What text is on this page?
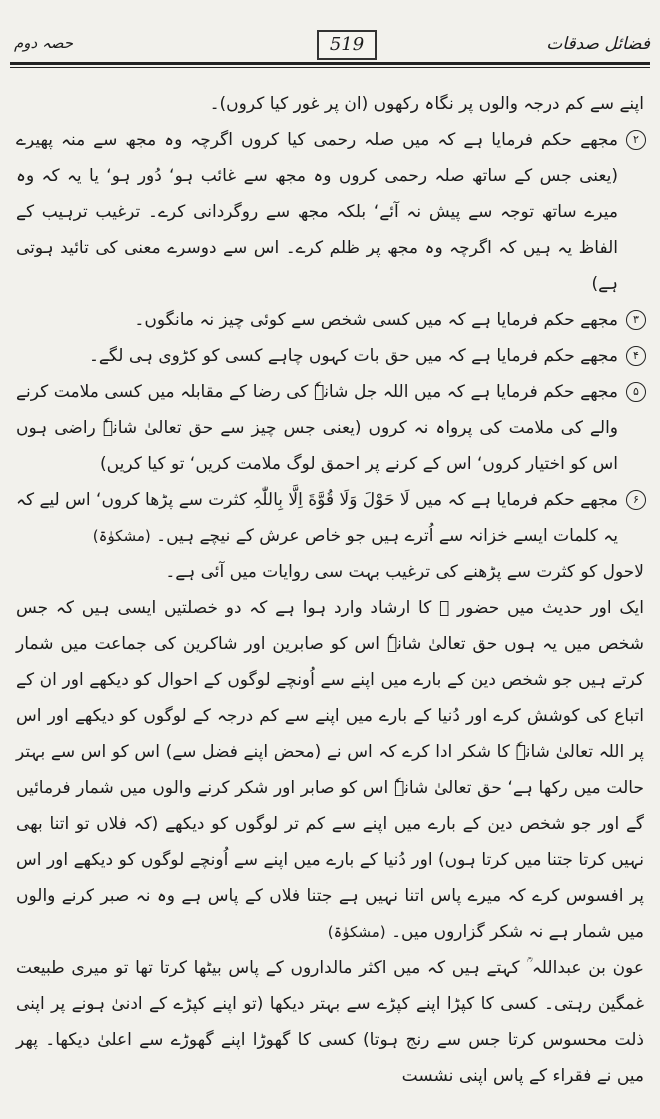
حصہ دوم	519	فضائل صدقات

اپنے سے کم درجہ والوں پر نگاہ رکھوں (ان پر غور کیا کروں)۔

۲
مجھے حکم فرمایا ہے کہ میں صلہ رحمی کیا کروں اگرچہ وہ مجھ سے منہ پھیرے (یعنی جس کے ساتھ صلہ رحمی کروں وہ مجھ سے غائب ہو‘ دُور ہو‘ یا یہ کہ وہ میرے ساتھ توجہ سے پیش نہ آئے‘ بلکہ مجھ سے روگردانی کرے۔ ترغیب ترہیب کے الفاظ یہ ہیں کہ اگرچہ وہ مجھ پر ظلم کرے۔ اس سے دوسرے معنی کی تائید ہوتی ہے)

۳
مجھے حکم فرمایا ہے کہ میں کسی شخص سے کوئی چیز نہ مانگوں۔

۴
مجھے حکم فرمایا ہے کہ میں حق بات کہوں چاہے کسی کو کڑوی ہی لگے۔

۵
مجھے حکم فرمایا ہے کہ میں اللہ جل شانہٗ کی رضا کے مقابلہ میں کسی ملامت کرنے والے کی ملامت کی پرواہ نہ کروں (یعنی جس چیز سے حق تعالیٰ شانہٗ راضی ہوں اس کو اختیار کروں‘ اس کے کرنے پر احمق لوگ ملامت کریں‘ تو کیا کریں)

۶
مجھے حکم فرمایا ہے کہ میں لَا حَوْلَ وَلَا قُوَّةَ اِلَّا بِاللّٰہِ کثرت سے پڑھا کروں‘ اس لیے کہ یہ کلمات ایسے خزانہ سے اُترے ہیں جو خاص عرش کے نیچے ہیں۔ (مشکوٰۃ)

لاحول کو کثرت سے پڑھنے کی ترغیب بہت سی روایات میں آئی ہے۔

ایک اور حدیث میں حضور ﷺ کا ارشاد وارد ہوا ہے کہ دو خصلتیں ایسی ہیں کہ جس شخص میں یہ ہوں حق تعالیٰ شانہٗ اس کو صابرین اور شاکرین کی جماعت میں شمار کرتے ہیں جو شخص دین کے بارے میں اپنے سے اُونچے لوگوں کے احوال کو دیکھے اور ان کے اتباع کی کوشش کرے اور دُنیا کے بارے میں اپنے سے کم درجہ کے لوگوں کو دیکھے اور اس پر اللہ تعالیٰ شانہٗ کا شکر ادا کرے کہ اس نے (محض اپنے فضل سے) اس کو اس سے بہتر حالت میں رکھا ہے‘ حق تعالیٰ شانہٗ اس کو صابر اور شکر کرنے والوں میں شمار فرمائیں گے اور جو شخص دین کے بارے میں اپنے سے کم تر لوگوں کو دیکھے (کہ فلاں تو اتنا بھی نہیں کرتا جتنا میں کرتا ہوں) اور دُنیا کے بارے میں اپنے سے اُونچے لوگوں کو دیکھے اور اس پر افسوس کرے کہ میرے پاس اتنا نہیں ہے جتنا فلاں کے پاس ہے وہ نہ صبر کرنے والوں میں شمار ہے نہ شکر گزاروں میں۔ (مشکوٰۃ)

عون بن عبداللہ ؒ کہتے ہیں کہ میں اکثر مالداروں کے پاس بیٹھا کرتا تھا تو میری طبیعت غمگین رہتی۔ کسی کا کپڑا اپنے کپڑے سے بہتر دیکھا (تو اپنے کپڑے کے ادنیٰ ہونے پر اپنی ذلت محسوس کرتا جس سے رنج ہوتا) کسی کا گھوڑا اپنے گھوڑے سے اعلیٰ دیکھا۔ پھر میں نے فقراء کے پاس اپنی نشست
